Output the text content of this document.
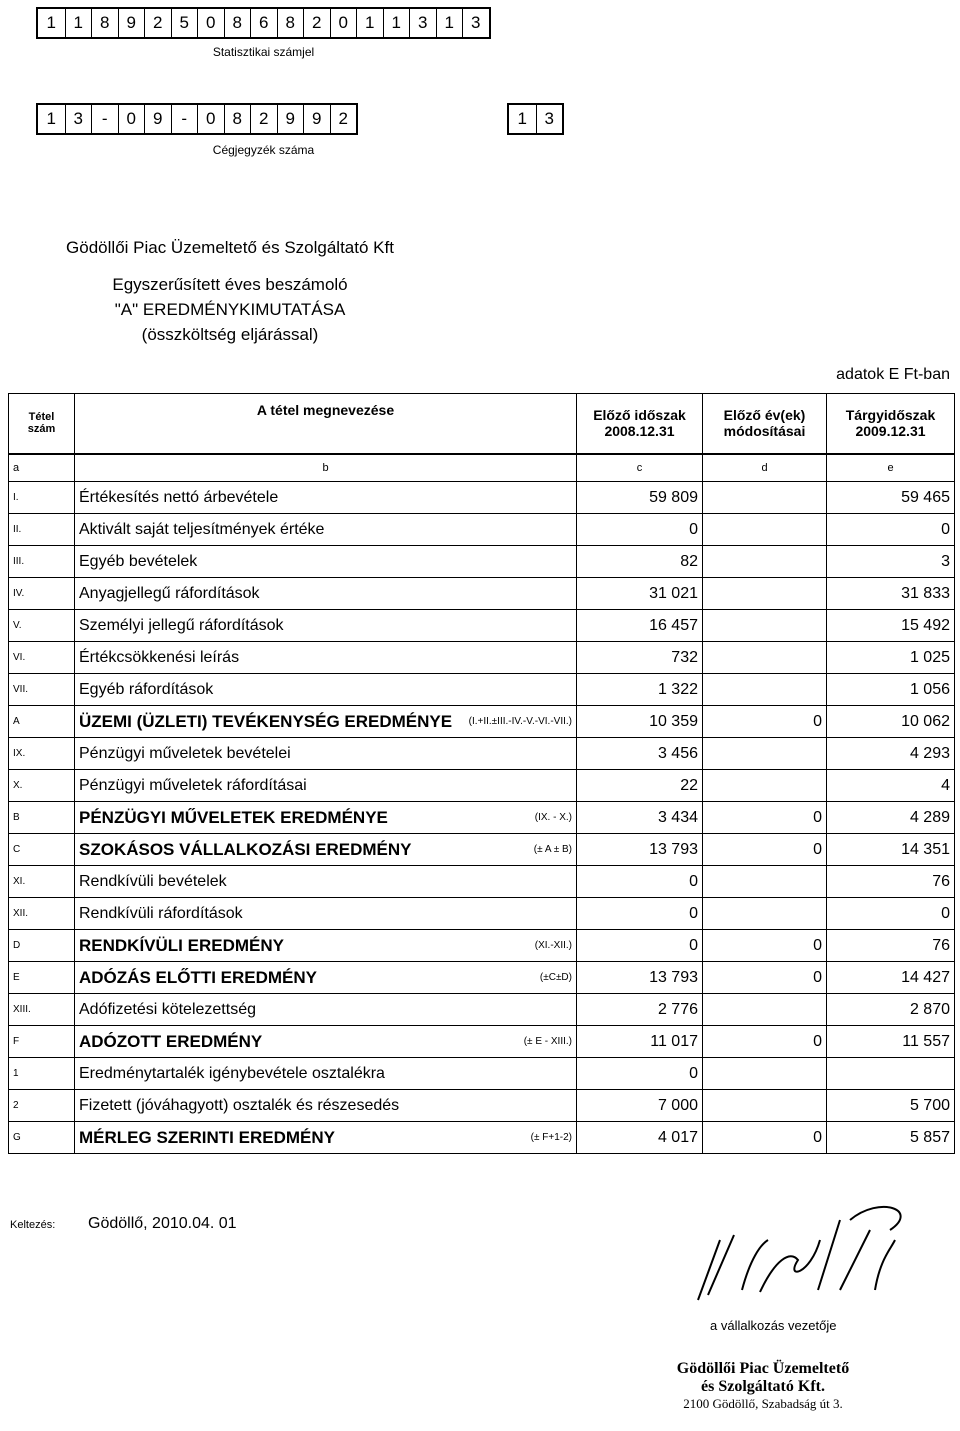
1	1	8	9	2	5	0	8	6	8	2	0	1	1	3	1	3
Statisztikai számjel
1	3	-	0	9	-	0	8	2	9	9	2	1	3
Cégjegyzék száma
Gödöllői Piac Üzemeltető és Szolgáltató Kft
Egyszerűsített éves beszámoló
"A" EREDMÉNYKIMUTATÁSA
(összköltség eljárással)
adatok E Ft-ban
Tétel
szám	A tétel megnevezése		Előző időszak
2008.12.31	Előző év(ek)
módosításai	Tárgyidőszak
2009.12.31
a	b		c	d	e
I.	Értékesítés nettó árbevétele		59 809		59 465
II.	Aktivált saját teljesítmények értéke		0		0
III.	Egyéb bevételek		82		3
IV.	Anyagjellegű ráfordítások		31 021		31 833
V.	Személyi jellegű ráfordítások		16 457		15 492
VI.	Értékcsökkenési leírás		732		1 025
VII.	Egyéb ráfordítások		1 322		1 056
A	ÜZEMI (ÜZLETI) TEVÉKENYSÉG EREDMÉNYE	(I.+II.±III.-IV.-V.-VI.-VII.)	10 359	0	10 062
IX.	Pénzügyi műveletek bevételei		3 456		4 293
X.	Pénzügyi műveletek ráfordításai		22		4
B	PÉNZÜGYI MŰVELETEK EREDMÉNYE	(IX. - X.)	3 434	0	4 289
C	SZOKÁSOS VÁLLALKOZÁSI EREDMÉNY	(± A ± B)	13 793	0	14 351
XI.	Rendkívüli bevételek		0		76
XII.	Rendkívüli ráfordítások		0		0
D	RENDKÍVÜLI EREDMÉNY	(XI.-XII.)	0	0	76
E	ADÓZÁS ELŐTTI EREDMÉNY	(±C±D)	13 793	0	14 427
XIII.	Adófizetési kötelezettség		2 776		2 870
F	ADÓZOTT EREDMÉNY	(± E - XIII.)	11 017	0	11 557
1	Eredménytartalék igénybevétele osztalékra		0		
2	Fizetett (jóváhagyott) osztalék és részesedés		7 000		5 700
G	MÉRLEG SZERINTI EREDMÉNY	(± F+1-2)	4 017	0	5 857
Keltezés: Gödöllő, 2010.04. 01
a vállalkozás vezetője
Gödöllői Piac Üzemeltető
és Szolgáltató Kft.
2100 Gödöllő, Szabadság út 3.
